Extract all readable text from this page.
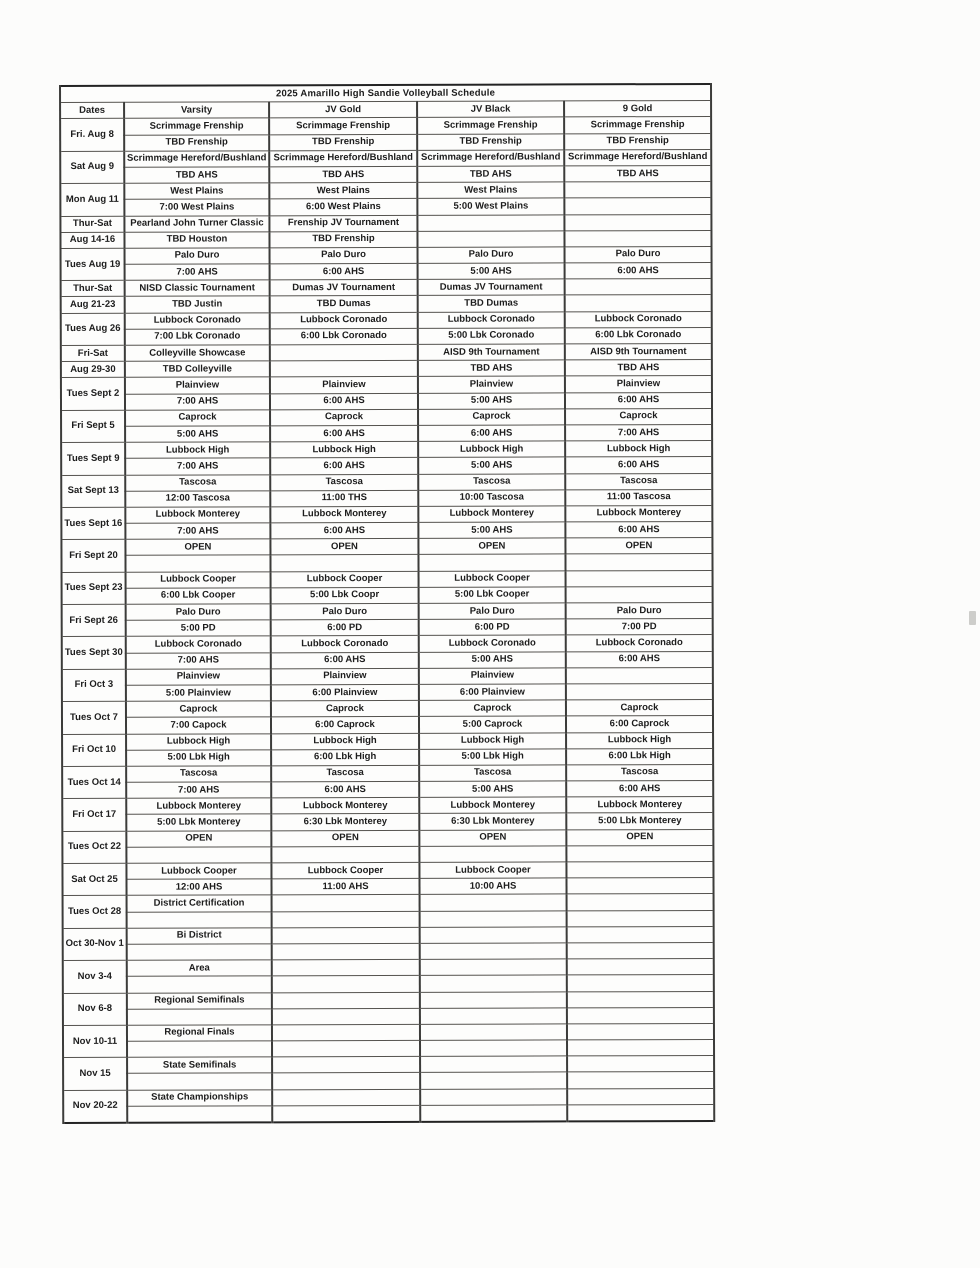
2025 Amarillo High Sandie Volleyball Schedule				
Dates	Varsity	JV Gold	JV Black	9 Gold
Fri. Aug 8	Scrimmage Frenship	Scrimmage Frenship	Scrimmage Frenship	Scrimmage Frenship
	TBD Frenship	TBD Frenship	TBD Frenship	TBD Frenship
Sat Aug 9	Scrimmage Hereford/Bushland	Scrimmage Hereford/Bushland	Scrimmage Hereford/Bushland	Scrimmage Hereford/Bushland
	TBD AHS	TBD AHS	TBD AHS	TBD AHS
Mon Aug 11	West Plains	West Plains	West Plains	
	7:00 West Plains	6:00 West Plains	5:00 West Plains	
Thur-Sat	Pearland John Turner Classic	Frenship JV Tournament		
Aug 14-16	TBD Houston	TBD Frenship		
Tues Aug 19	Palo Duro	Palo Duro	Palo Duro	Palo Duro
	7:00 AHS	6:00 AHS	5:00 AHS	6:00 AHS
Thur-Sat	NISD Classic Tournament	Dumas JV Tournament	Dumas JV Tournament	
Aug 21-23	TBD Justin	TBD Dumas	TBD Dumas	
Tues Aug 26	Lubbock Coronado	Lubbock Coronado	Lubbock Coronado	Lubbock Coronado
	7:00 Lbk Coronado	6:00 Lbk Coronado	5:00 Lbk Coronado	6:00 Lbk Coronado
Fri-Sat	Colleyville Showcase		AISD 9th Tournament	AISD 9th Tournament
Aug 29-30	TBD Colleyville		TBD AHS	TBD AHS
Tues Sept 2	Plainview	Plainview	Plainview	Plainview
	7:00 AHS	6:00 AHS	5:00 AHS	6:00 AHS
Fri Sept 5	Caprock	Caprock	Caprock	Caprock
	5:00 AHS	6:00 AHS	6:00 AHS	7:00 AHS
Tues Sept 9	Lubbock High	Lubbock High	Lubbock High	Lubbock High
	7:00 AHS	6:00 AHS	5:00 AHS	6:00 AHS
Sat Sept 13	Tascosa	Tascosa	Tascosa	Tascosa
	12:00 Tascosa	11:00 THS	10:00 Tascosa	11:00 Tascosa
Tues Sept 16	Lubbock Monterey	Lubbock Monterey	Lubbock Monterey	Lubbock Monterey
	7:00 AHS	6:00 AHS	5:00 AHS	6:00 AHS
Fri Sept 20	OPEN	OPEN	OPEN	OPEN

Tues Sept 23	Lubbock Cooper	Lubbock Cooper	Lubbock Cooper	
	6:00 Lbk Cooper	5:00 Lbk Coopr	5:00 Lbk Cooper	
Fri Sept 26	Palo Duro	Palo Duro	Palo Duro	Palo Duro
	5:00 PD	6:00 PD	6:00 PD	7:00 PD
Tues Sept 30	Lubbock Coronado	Lubbock Coronado	Lubbock Coronado	Lubbock Coronado
	7:00 AHS	6:00 AHS	5:00 AHS	6:00 AHS
Fri Oct 3	Plainview	Plainview	Plainview	
	5:00 Plainview	6:00 Plainview	6:00 Plainview	
Tues Oct 7	Caprock	Caprock	Caprock	Caprock
	7:00 Capock	6:00 Caprock	5:00 Caprock	6:00 Caprock
Fri Oct 10	Lubbock High	Lubbock High	Lubbock High	Lubbock High
	5:00 Lbk High	6:00 Lbk High	5:00 Lbk High	6:00 Lbk High
Tues Oct 14	Tascosa	Tascosa	Tascosa	Tascosa
	7:00 AHS	6:00 AHS	5:00 AHS	6:00 AHS
Fri Oct 17	Lubbock Monterey	Lubbock Monterey	Lubbock Monterey	Lubbock Monterey
	5:00 Lbk Monterey	6:30 Lbk Monterey	6:30 Lbk Monterey	5:00 Lbk Monterey
Tues Oct 22	OPEN	OPEN	OPEN	OPEN

Sat Oct 25	Lubbock Cooper	Lubbock Cooper	Lubbock Cooper	
	12:00 AHS	11:00 AHS	10:00 AHS	
Tues Oct 28	District Certification			

Oct 30-Nov 1	Bi District			

Nov 3-4	Area			

Nov 6-8	Regional Semifinals			

Nov 10-11	Regional Finals			

Nov 15	State Semifinals			

Nov 20-22	State Championships			
